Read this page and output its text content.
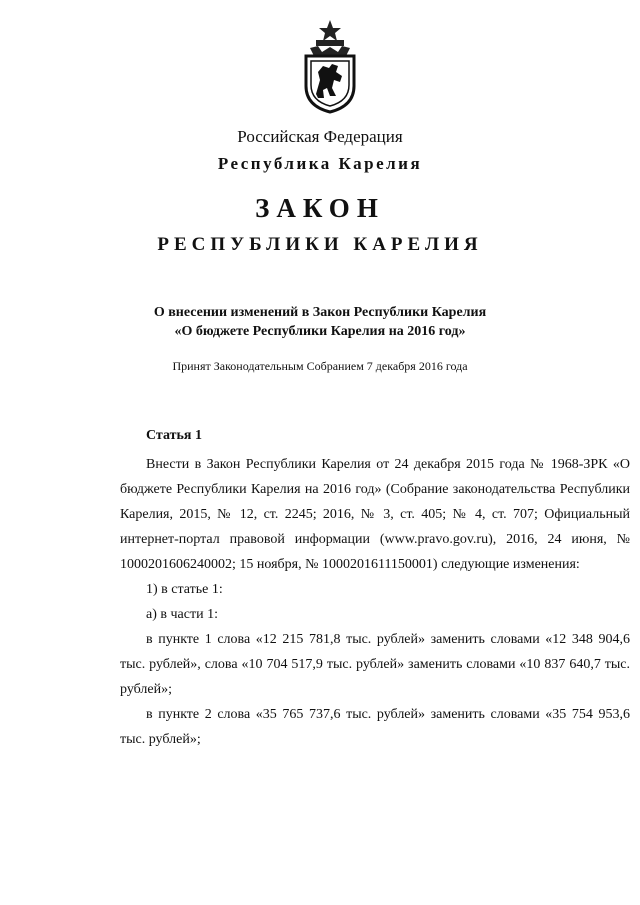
Российская Федерация
Республика Карелия
ЗАКОН
РЕСПУБЛИКИ КАРЕЛИЯ
О внесении изменений в Закон Республики Карелия
«О бюджете Республики Карелия на 2016 год»
Принят Законодательным Собранием 7 декабря 2016 года
Статья 1

Внести в Закон Республики Карелия от 24 декабря 2015 года № 1968-ЗРК «О бюджете Республики Карелия на 2016 год» (Собрание законодательства Республики Карелия, 2015, № 12, ст. 2245; 2016, № 3, ст. 405; № 4, ст. 707; Официальный интернет-портал правовой информации (www.pravo.gov.ru), 2016, 24 июня, № 1000201606240002; 15 ноября, № 1000201611150001) следующие изменения:

1) в статье 1:

а) в части 1:

в пункте 1 слова «12 215 781,8 тыс. рублей» заменить словами «12 348 904,6 тыс. рублей», слова «10 704 517,9 тыс. рублей» заменить словами «10 837 640,7 тыс. рублей»;

в пункте 2 слова «35 765 737,6 тыс. рублей» заменить словами «35 754 953,6 тыс. рублей»;
